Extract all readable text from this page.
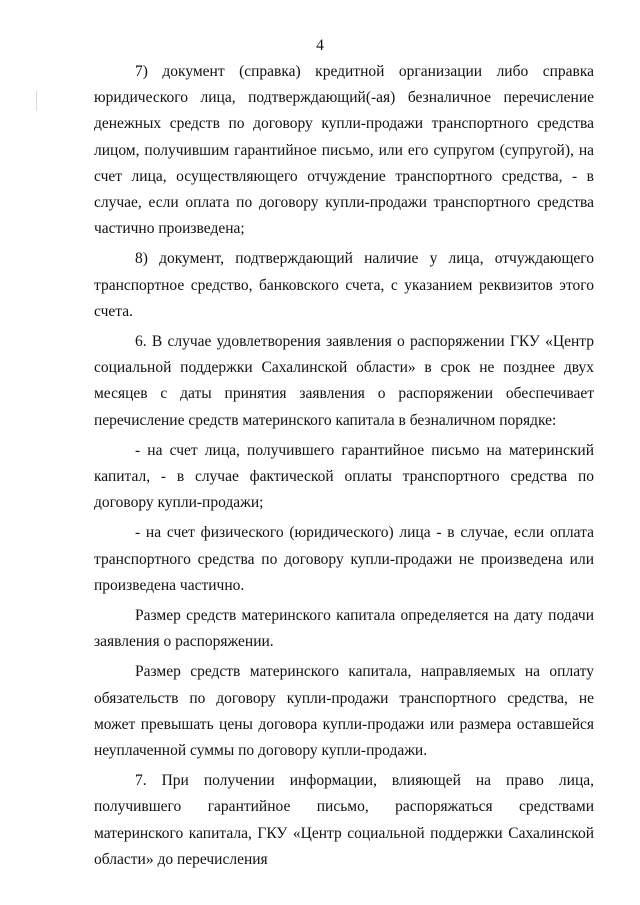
4

7) документ (справка) кредитной организации либо справка юридического лица, подтверждающий(-ая) безналичное перечисление денежных средств по договору купли-продажи транспортного средства лицом, получившим гарантийное письмо, или его супругом (супругой), на счет лица, осуществляющего отчуждение транспортного средства, - в случае, если оплата по договору купли-продажи транспортного средства частично произведена;

8) документ, подтверждающий наличие у лица, отчуждающего транспортное средство, банковского счета, с указанием реквизитов этого счета.

6. В случае удовлетворения заявления о распоряжении ГКУ «Центр социальной поддержки Сахалинской области» в срок не позднее двух месяцев с даты принятия заявления о распоряжении обеспечивает перечисление средств материнского капитала в безналичном порядке:

- на счет лица, получившего гарантийное письмо на материнский капитал, - в случае фактической оплаты транспортного средства по договору купли-продажи;

- на счет физического (юридического) лица - в случае, если оплата транспортного средства по договору купли-продажи не произведена или произведена частично.

Размер средств материнского капитала определяется на дату подачи заявления о распоряжении.

Размер средств материнского капитала, направляемых на оплату обязательств по договору купли-продажи транспортного средства, не может превышать цены договора купли-продажи или размера оставшейся неуплаченной суммы по договору купли-продажи.

7. При получении информации, влияющей на право лица, получившего гарантийное письмо, распоряжаться средствами материнского капитала, ГКУ «Центр социальной поддержки Сахалинской области» до перечисления
